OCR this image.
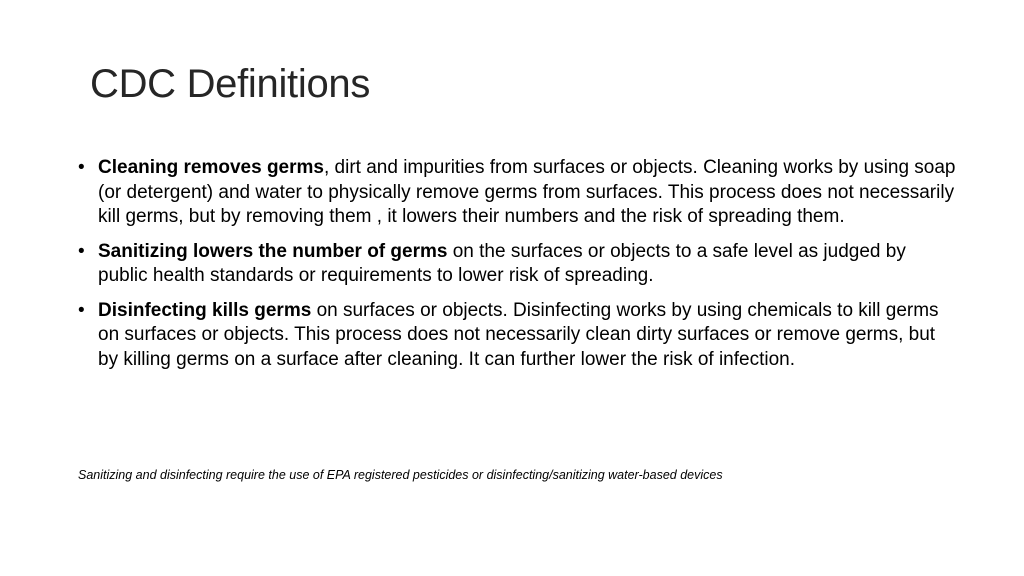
CDC Definitions
• Cleaning removes germs, dirt and impurities from surfaces or objects. Cleaning works by using soap (or detergent) and water to physically remove germs from surfaces. This process does not necessarily kill germs, but by removing them , it lowers their numbers and the risk of spreading them.
• Sanitizing lowers the number of germs on the surfaces or objects to a safe level as judged by public health standards or requirements to lower risk of spreading.
• Disinfecting kills germs on surfaces or objects. Disinfecting works by using chemicals to kill germs on surfaces or objects. This process does not necessarily clean dirty surfaces or remove germs, but by killing germs on a surface after cleaning. It can further lower the risk of infection.
Sanitizing and disinfecting require the use of EPA registered pesticides or disinfecting/sanitizing water-based devices
